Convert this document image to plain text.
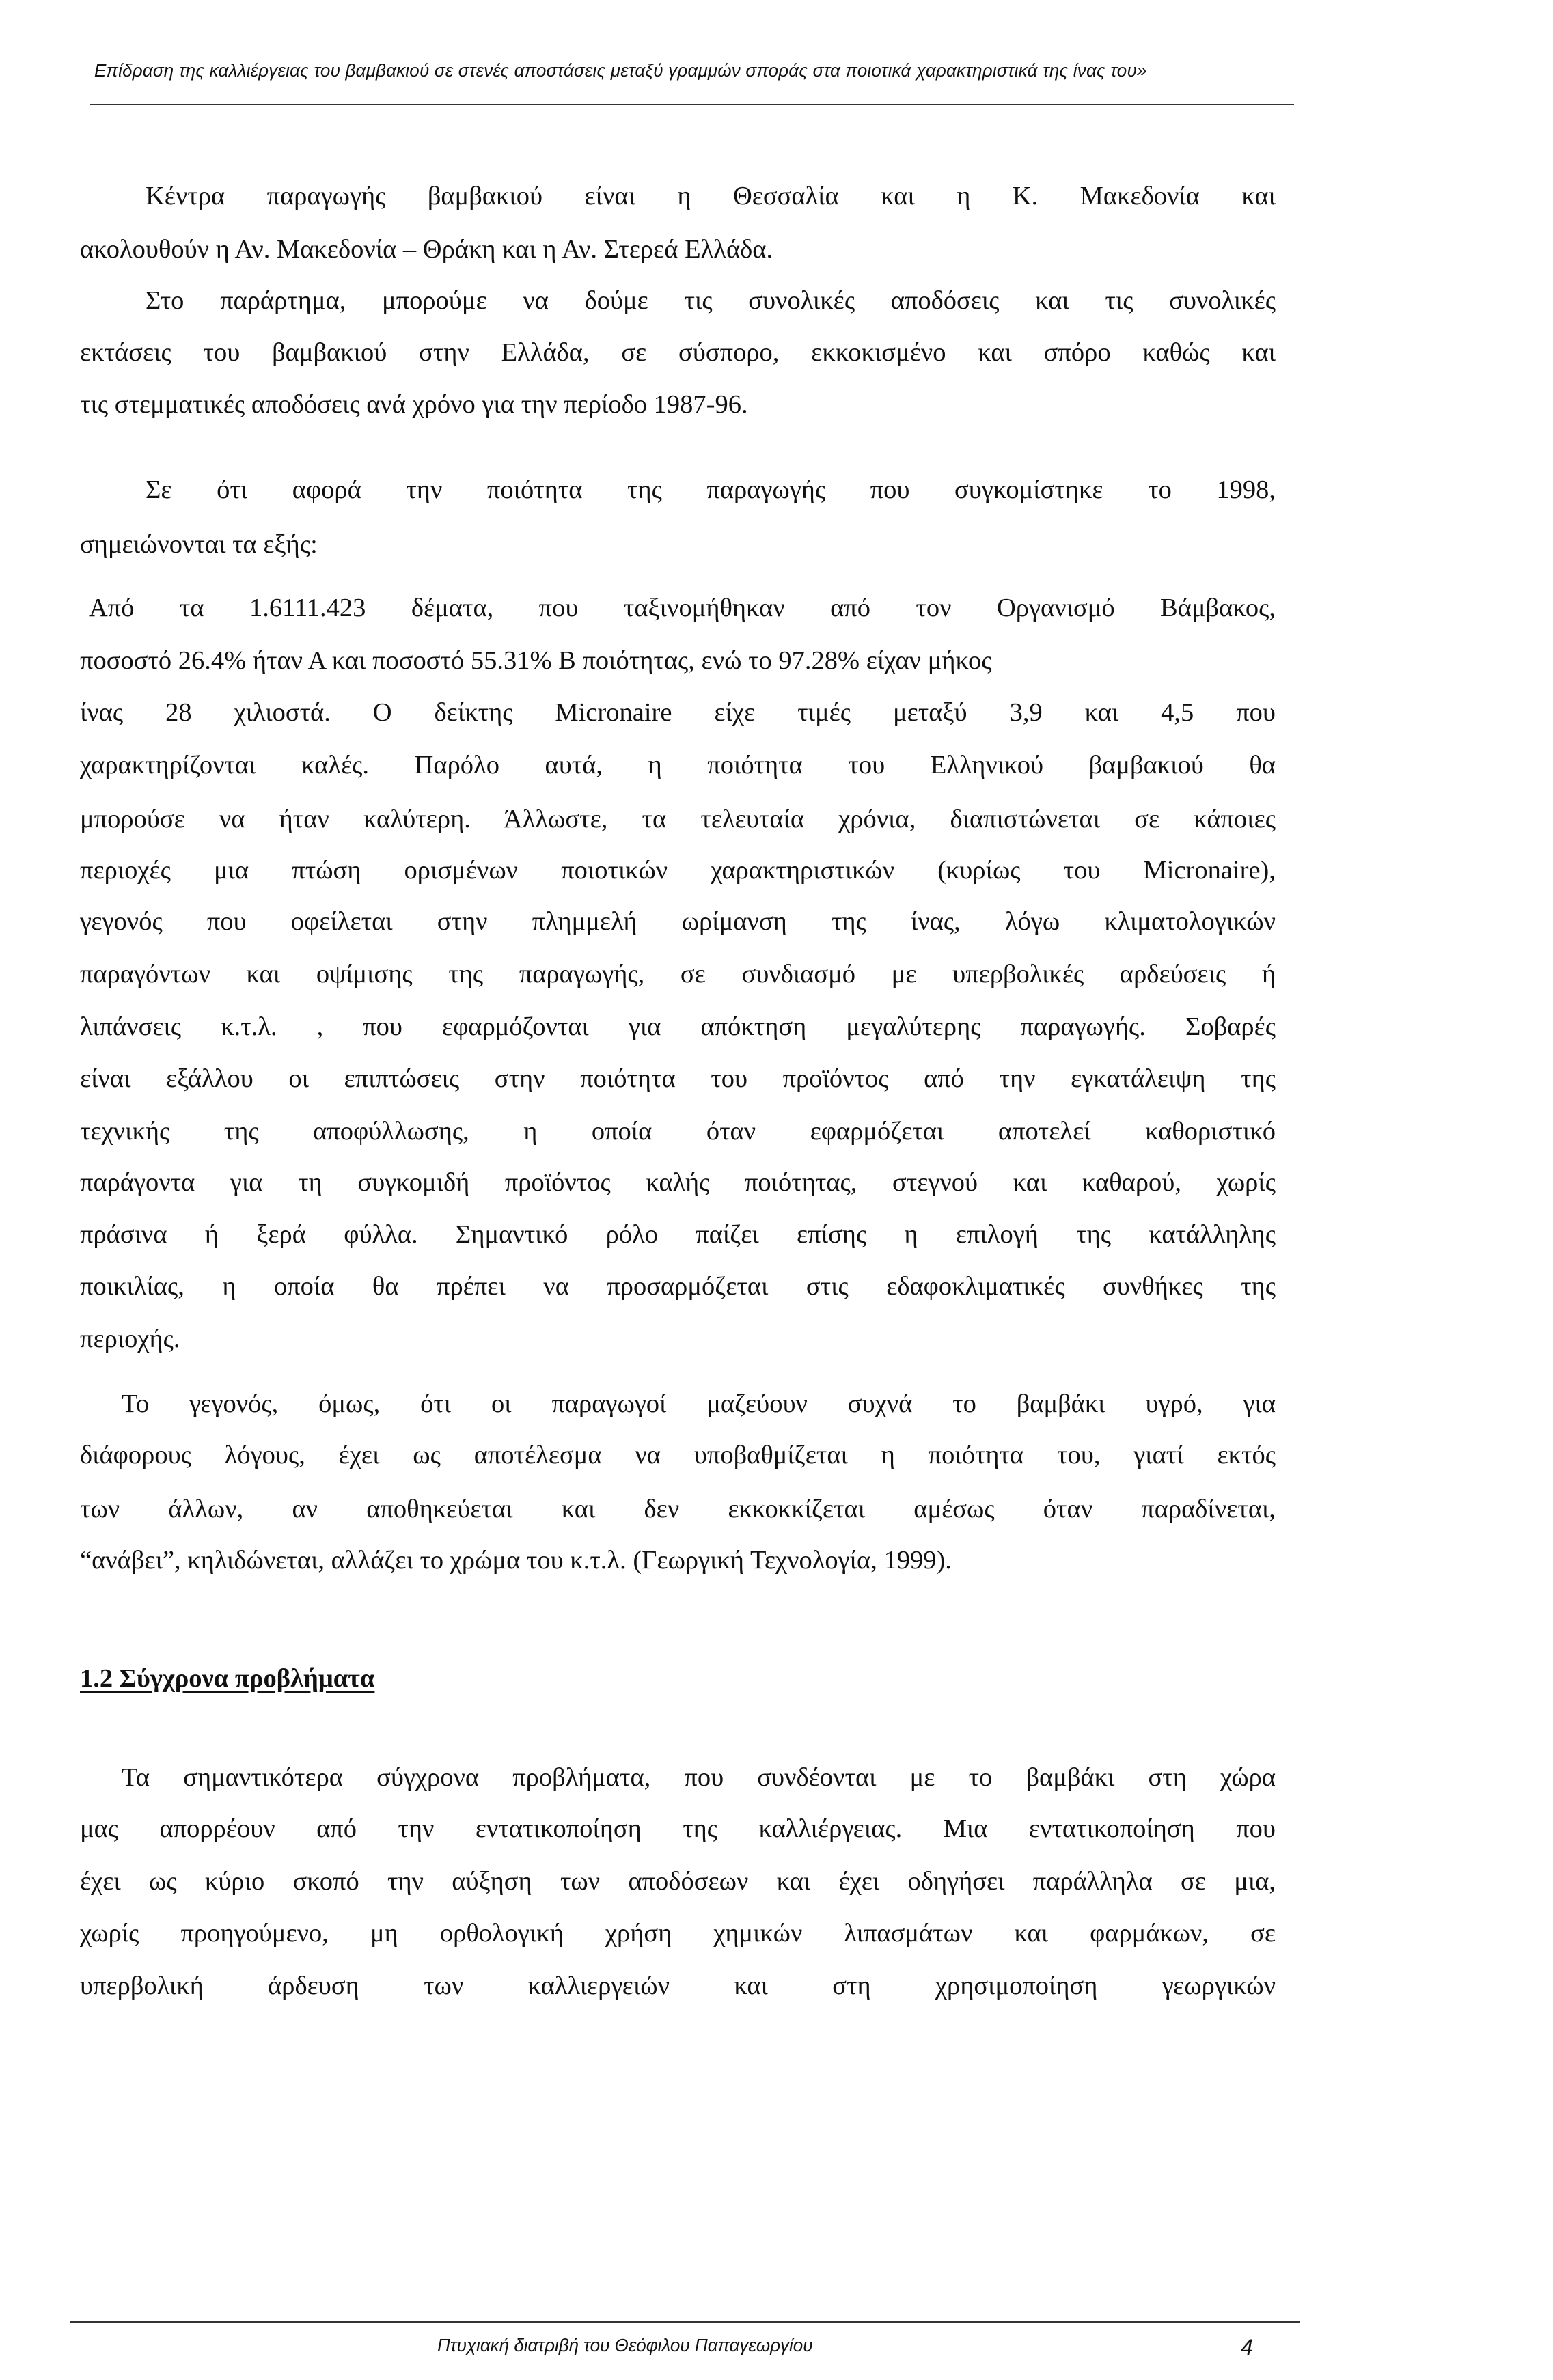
Επίδραση της καλλιέργειας του βαμβακιού σε στενές αποστάσεις μεταξύ γραμμών σποράς στα ποιοτικά χαρακτηριστικά της ίνας του»
Κέντρα παραγωγής βαμβακιού είναι η Θεσσαλία και η Κ. Μακεδονία και
ακολουθούν η Αν. Μακεδονία – Θράκη και η Αν. Στερεά Ελλάδα.
Στο παράρτημα, μπορούμε να δούμε τις συνολικές αποδόσεις και τις συνολικές
εκτάσεις του βαμβακιού στην Ελλάδα, σε σύσπορο, εκκοκισμένο και σπόρο καθώς και
τις στεμματικές αποδόσεις ανά χρόνο για την περίοδο 1987-96.
Σε ότι αφορά την ποιότητα της παραγωγής που συγκομίστηκε το 1998,
σημειώνονται τα εξής:
Από τα 1.6111.423 δέματα, που ταξινομήθηκαν από τον Οργανισμό Βάμβακος,
ποσοστό 26.4% ήταν Α και ποσοστό 55.31% Β ποιότητας, ενώ το 97.28% είχαν μήκος
ίνας 28 χιλιοστά. Ο δείκτης Micronaire είχε τιμές μεταξύ 3,9 και 4,5 που
χαρακτηρίζονται καλές. Παρόλο αυτά, η ποιότητα του Ελληνικού βαμβακιού θα
μπορούσε να ήταν καλύτερη. Άλλωστε, τα τελευταία χρόνια, διαπιστώνεται σε κάποιες
περιοχές μια πτώση ορισμένων ποιοτικών χαρακτηριστικών (κυρίως του Micronaire),
γεγονός που οφείλεται στην πλημμελή ωρίμανση της ίνας, λόγω κλιματολογικών
παραγόντων και οψίμισης της παραγωγής, σε συνδιασμό με υπερβολικές αρδεύσεις ή
λιπάνσεις κ.τ.λ. , που εφαρμόζονται για απόκτηση μεγαλύτερης παραγωγής. Σοβαρές
είναι εξάλλου οι επιπτώσεις στην ποιότητα του προϊόντος από την εγκατάλειψη της
τεχνικής της αποφύλλωσης, η οποία όταν εφαρμόζεται αποτελεί καθοριστικό
παράγοντα για τη συγκομιδή προϊόντος καλής ποιότητας, στεγνού και καθαρού, χωρίς
πράσινα ή ξερά φύλλα. Σημαντικό ρόλο παίζει επίσης η επιλογή της κατάλληλης
ποικιλίας, η οποία θα πρέπει να προσαρμόζεται στις εδαφοκλιματικές συνθήκες της
περιοχής.
Το γεγονός, όμως, ότι οι παραγωγοί μαζεύουν συχνά το βαμβάκι υγρό, για
διάφορους λόγους, έχει ως αποτέλεσμα να υποβαθμίζεται η ποιότητα του, γιατί εκτός
των άλλων, αν αποθηκεύεται και δεν εκκοκκίζεται αμέσως όταν παραδίνεται,
“ανάβει”, κηλιδώνεται, αλλάζει το χρώμα του κ.τ.λ. (Γεωργική Τεχνολογία, 1999).
1.2 Σύγχρονα προβλήματα
Τα σημαντικότερα σύγχρονα προβλήματα, που συνδέονται με το βαμβάκι στη χώρα
μας απορρέουν από την εντατικοποίηση της καλλιέργειας. Μια εντατικοποίηση που
έχει ως κύριο σκοπό την αύξηση των αποδόσεων και έχει οδηγήσει παράλληλα σε μια,
χωρίς προηγούμενο, μη ορθολογική χρήση χημικών λιπασμάτων και φαρμάκων, σε
υπερβολική άρδευση των καλλιεργειών και στη χρησιμοποίηση γεωργικών
Πτυχιακή διατριβή του Θεόφιλου Παπαγεωργίου	4
